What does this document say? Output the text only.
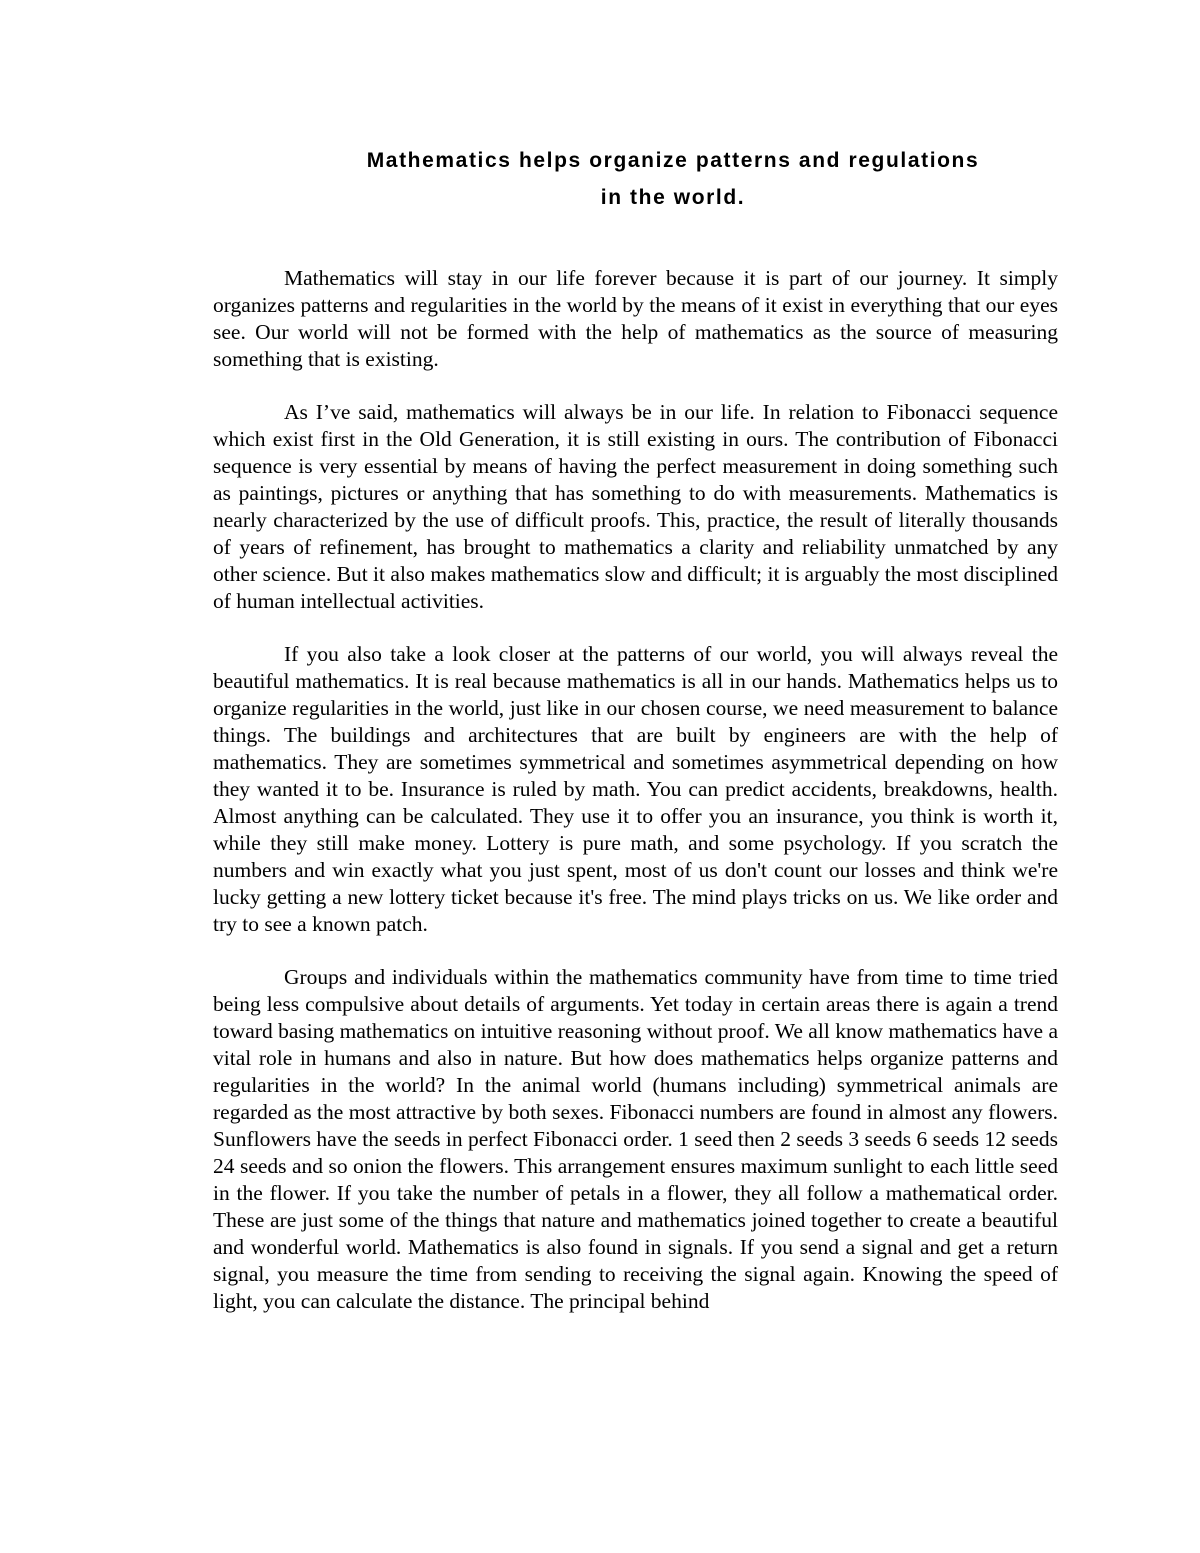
Mathematics helps organize patterns and regulations
in the world.

Mathematics will stay in our life forever because it is part of our journey. It simply organizes patterns and regularities in the world by the means of it exist in everything that our eyes see. Our world will not be formed with the help of mathematics as the source of measuring something that is existing.

As I’ve said, mathematics will always be in our life. In relation to Fibonacci sequence which exist first in the Old Generation, it is still existing in ours. The contribution of Fibonacci sequence is very essential by means of having the perfect measurement in doing something such as paintings, pictures or anything that has something to do with measurements. Mathematics is nearly characterized by the use of difficult proofs. This, practice, the result of literally thousands of years of refinement, has brought to mathematics a clarity and reliability unmatched by any other science. But it also makes mathematics slow and difficult; it is arguably the most disciplined of human intellectual activities.

If you also take a look closer at the patterns of our world, you will always reveal the beautiful mathematics. It is real because mathematics is all in our hands. Mathematics helps us to organize regularities in the world, just like in our chosen course, we need measurement to balance things. The buildings and architectures that are built by engineers are with the help of mathematics. They are sometimes symmetrical and sometimes asymmetrical depending on how they wanted it to be. Insurance is ruled by math. You can predict accidents, breakdowns, health. Almost anything can be calculated. They use it to offer you an insurance, you think is worth it, while they still make money. Lottery is pure math, and some psychology. If you scratch the numbers and win exactly what you just spent, most of us don't count our losses and think we're lucky getting a new lottery ticket because it's free. The mind plays tricks on us. We like order and try to see a known patch.

Groups and individuals within the mathematics community have from time to time tried being less compulsive about details of arguments. Yet today in certain areas there is again a trend toward basing mathematics on intuitive reasoning without proof. We all know mathematics have a vital role in humans and also in nature. But how does mathematics helps organize patterns and regularities in the world? In the animal world (humans including) symmetrical animals are regarded as the most attractive by both sexes. Fibonacci numbers are found in almost any flowers. Sunflowers have the seeds in perfect Fibonacci order. 1 seed then 2 seeds 3 seeds 6 seeds 12 seeds 24 seeds and so onion the flowers. This arrangement ensures maximum sunlight to each little seed in the flower. If you take the number of petals in a flower, they all follow a mathematical order. These are just some of the things that nature and mathematics joined together to create a beautiful and wonderful world. Mathematics is also found in signals. If you send a signal and get a return signal, you measure the time from sending to receiving the signal again. Knowing the speed of light, you can calculate the distance. The principal behind
